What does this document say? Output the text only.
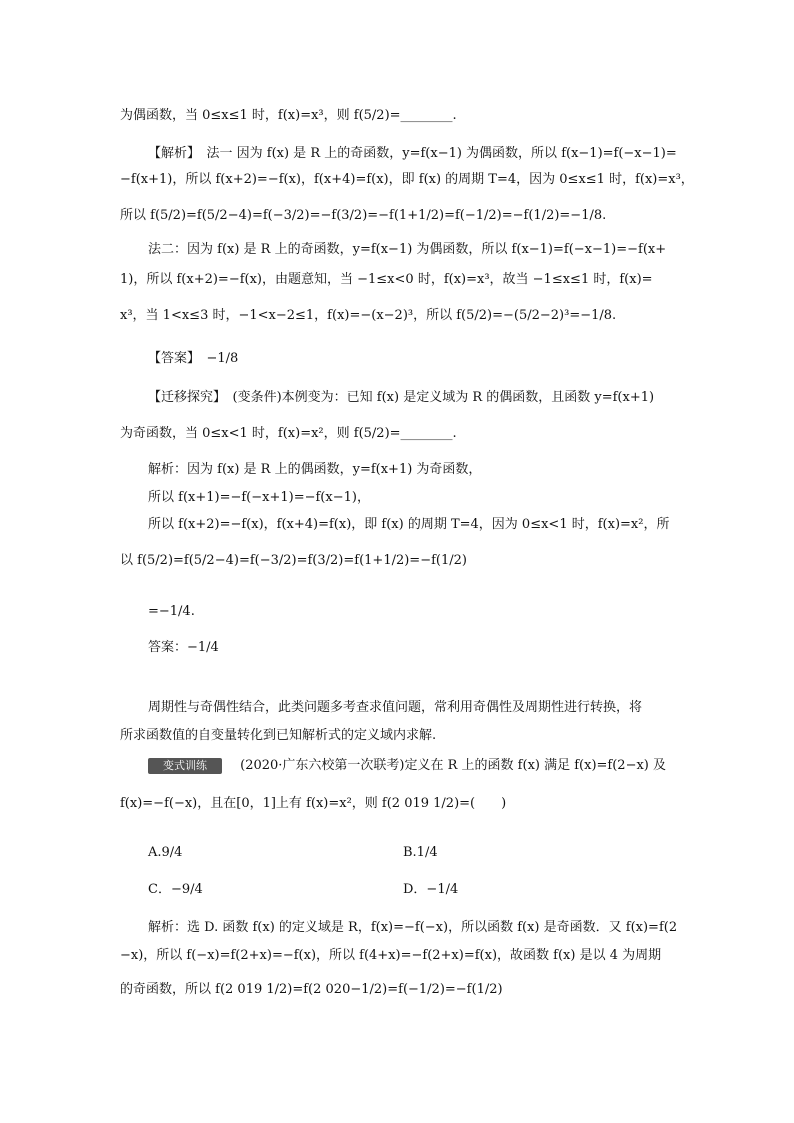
为偶函数，当 0≤x≤1 时，f(x)=x³，则 f(5/2)=________.
【解析】　法一 因为 f(x) 是 R 上的奇函数，y=f(x−1) 为偶函数，所以 f(x−1)=f(−x−1)=
−f(x+1)，所以 f(x+2)=−f(x)，f(x+4)=f(x)，即 f(x) 的周期 T=4，因为 0≤x≤1 时，f(x)=x³，
所以 f(5/2)=f(5/2−4)=f(−3/2)=−f(3/2)=−f(1+1/2)=f(−1/2)=−f(1/2)=−1/8.
法二：因为 f(x) 是 R 上的奇函数，y=f(x−1) 为偶函数，所以 f(x−1)=f(−x−1)=−f(x+
1)，所以 f(x+2)=−f(x)，由题意知，当 −1≤x<0 时，f(x)=x³，故当 −1≤x≤1 时，f(x)=
x³，当 1<x≤3 时，−1<x−2≤1，f(x)=−(x−2)³，所以 f(5/2)=−(5/2−2)³=−1/8.
【答案】　−1/8
【迁移探究】　(变条件)本例变为：已知 f(x) 是定义域为 R 的偶函数，且函数 y=f(x+1)
为奇函数，当 0≤x<1 时，f(x)=x²，则 f(5/2)=________.
解析：因为 f(x) 是 R 上的偶函数，y=f(x+1) 为奇函数，
所以 f(x+1)=−f(−x+1)=−f(x−1)，
所以 f(x+2)=−f(x)，f(x+4)=f(x)，即 f(x) 的周期 T=4，因为 0≤x<1 时，f(x)=x²，所
以 f(5/2)=f(5/2−4)=f(−3/2)=f(3/2)=f(1+1/2)=−f(1/2)
=−1/4.
答案：−1/4
周期性与奇偶性结合，此类问题多考查求值问题，常利用奇偶性及周期性进行转换，将
所求函数值的自变量转化到已知解析式的定义域内求解.
变式训练	(2020·广东六校第一次联考)定义在 R 上的函数 f(x) 满足 f(x)=f(2−x) 及
f(x)=−f(−x)，且在[0，1]上有 f(x)=x²，则 f(2 019 1/2)=(　　)
A.9/4	B.1/4
C．−9/4	D．−1/4
解析：选 D. 函数 f(x) 的定义域是 R，f(x)=−f(−x)，所以函数 f(x) 是奇函数．又 f(x)=f(2
−x)，所以 f(−x)=f(2+x)=−f(x)，所以 f(4+x)=−f(2+x)=f(x)，故函数 f(x) 是以 4 为周期
的奇函数，所以 f(2 019 1/2)=f(2 020−1/2)=f(−1/2)=−f(1/2)
